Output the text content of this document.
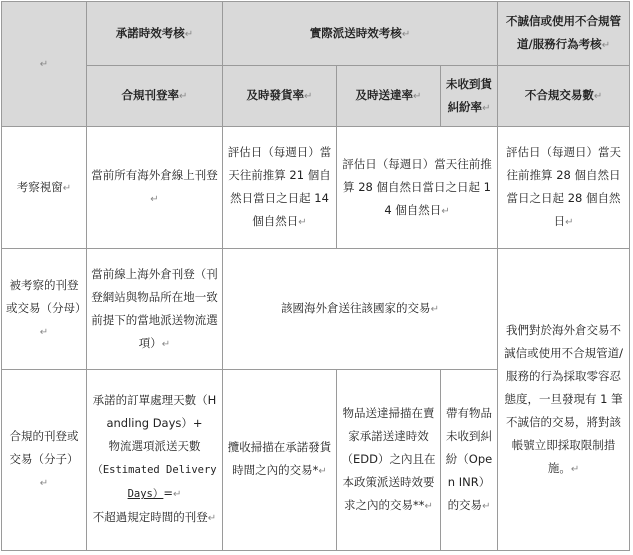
↵	承諾時效考核↵	實際派送時效考核↵			不誠信或使用不合規管道/服務行為考核↵
	合規刊登率↵	及時發貨率↵	及時送達率↵	未收到貨糾紛率↵	不合規交易數↵
考察視窗↵	當前所有海外倉線上刊登↵	評估日（每週日）當天往前推算 21 個自然日當日之日起 14 個自然日↵	評估日（每週日）當天往前推算 28 個自然日當日之日起 14 個自然日↵		評估日（每週日）當天往前推算 28 個自然日當日之日起 28 個自然日↵
被考察的刊登或交易（分母）↵	當前線上海外倉刊登（刊登網站與物品所在地一致前提下的當地派送物流選項）↵	該國海外倉送往該國家的交易↵			我們對於海外倉交易不誠信或使用不合規管道/服務的行為採取零容忍態度，一旦發現有 1 筆不誠信的交易，將對該帳號立即採取限制措施。↵
合規的刊登或交易（分子）↵	承諾的訂單處理天數（Handling Days）+
物流選項派送天數
（Estimated Delivery Days）=↵
不超過規定時間的刊登↵	攬收掃描在承諾發貨時間之內的交易*↵	物品送達掃描在賣家承諾送達時效（EDD）之內且在本政策派送時效要求之內的交易**↵	帶有物品未收到糾紛（Open INR）的交易↵	
